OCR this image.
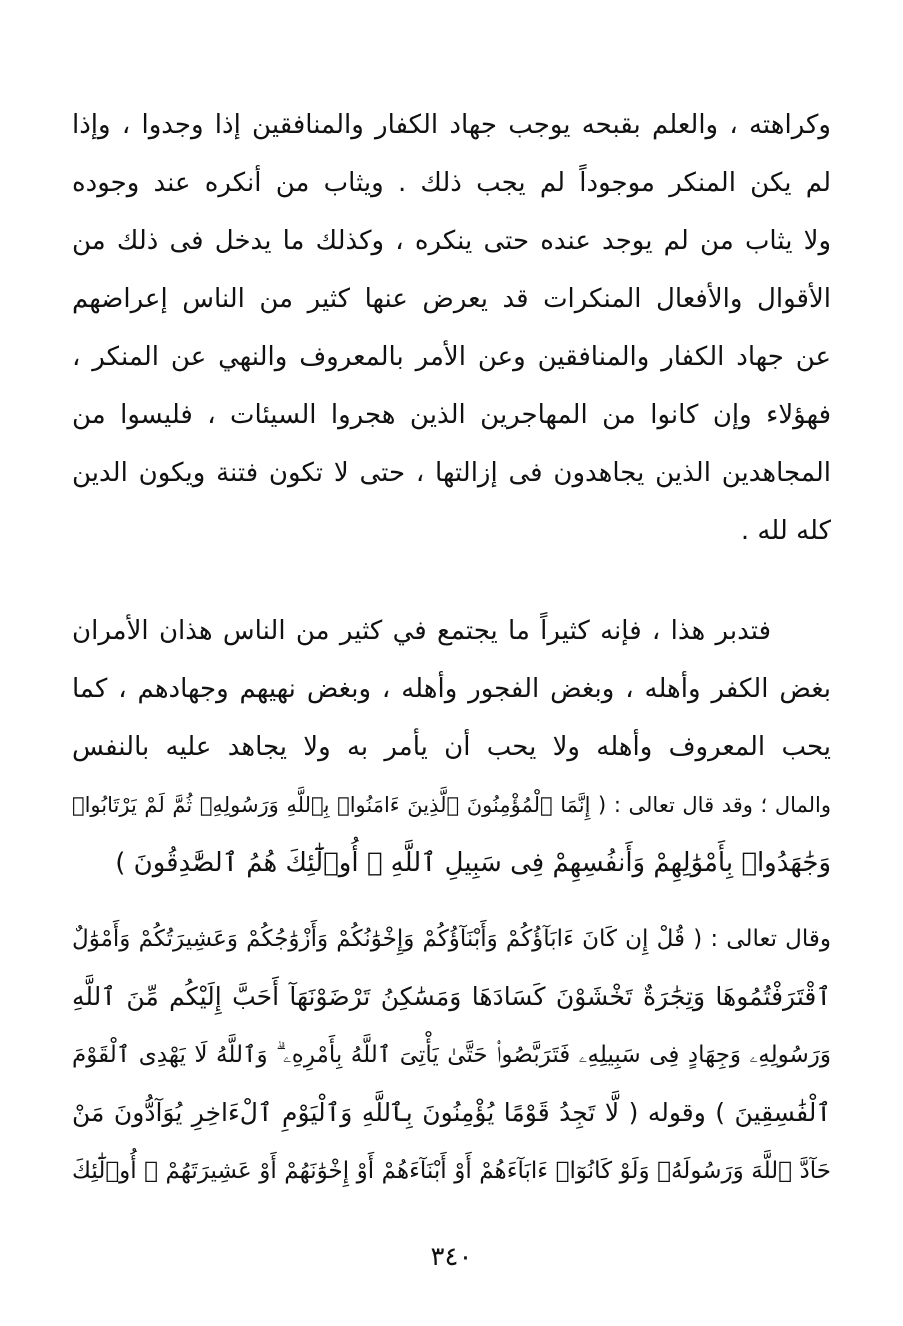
وكراهته ، والعلم بقبحه يوجب جهاد الكفار والمنافقين إذا وجدوا ، وإذا
لم يكن المنكر موجوداً لم يجب ذلك . ويثاب من أنكره عند وجوده
ولا يثاب من لم يوجد عنده حتى ينكره ، وكذلك ما يدخل فى ذلك من
الأقوال والأفعال المنكرات قد يعرض عنها كثير من الناس إعراضهم
عن جهاد الكفار والمنافقين وعن الأمر بالمعروف والنهي عن المنكر ،
فهؤلاء وإن كانوا من المهاجرين الذين هجروا السيئات ، فليسوا من
المجاهدين الذين يجاهدون فى إزالتها ، حتى لا تكون فتنة ويكون الدين
كله لله .
فتدبر هذا ، فإنه كثيراً ما يجتمع في كثير من الناس هذان الأمران
بغض الكفر وأهله ، وبغض الفجور وأهله ، وبغض نهيهم وجهادهم ، كما
يحب المعروف وأهله ولا يحب أن يأمر به ولا يجاهد عليه بالنفس
والمال ؛ وقد قال تعالى : ( إِنَّمَا ٱلْمُؤْمِنُونَ ٱلَّذِينَ ءَامَنُوا۟ بِٱللَّهِ وَرَسُولِهِۦ ثُمَّ لَمْ يَرْتَابُوا۟
وَجَٰهَدُوا۟ بِأَمْوَٰلِهِمْ وَأَنفُسِهِمْ فِى سَبِيلِ ٱللَّهِ ۚ أُو۟لَٰٓئِكَ هُمُ ٱلصَّٰدِقُونَ )
وقال تعالى : ( قُلْ إِن كَانَ ءَابَآؤُكُمْ وَأَبْنَآؤُكُمْ وَإِخْوَٰنُكُمْ وَأَزْوَٰجُكُمْ وَعَشِيرَتُكُمْ وَأَمْوَٰلٌ
ٱقْتَرَفْتُمُوهَا وَتِجَٰرَةٌ تَخْشَوْنَ كَسَادَهَا وَمَسَٰكِنُ تَرْضَوْنَهَآ أَحَبَّ إِلَيْكُم مِّنَ ٱللَّهِ
وَرَسُولِهِۦ وَجِهَادٍ فِى سَبِيلِهِۦ فَتَرَبَّصُوا۟ حَتَّىٰ يَأْتِىَ ٱللَّهُ بِأَمْرِهِۦ ۗ وَٱللَّهُ لَا يَهْدِى ٱلْقَوْمَ
ٱلْفَٰسِقِينَ ) وقوله ( لَّا تَجِدُ قَوْمًا يُؤْمِنُونَ بِٱللَّهِ وَٱلْيَوْمِ ٱلْءَاخِرِ يُوَآدُّونَ مَنْ
حَآدَّ ٱللَّهَ وَرَسُولَهُۥ وَلَوْ كَانُوٓا۟ ءَابَآءَهُمْ أَوْ أَبْنَآءَهُمْ أَوْ إِخْوَٰنَهُمْ أَوْ عَشِيرَتَهُمْ ۚ أُو۟لَٰٓئِكَ
٣٤٠
